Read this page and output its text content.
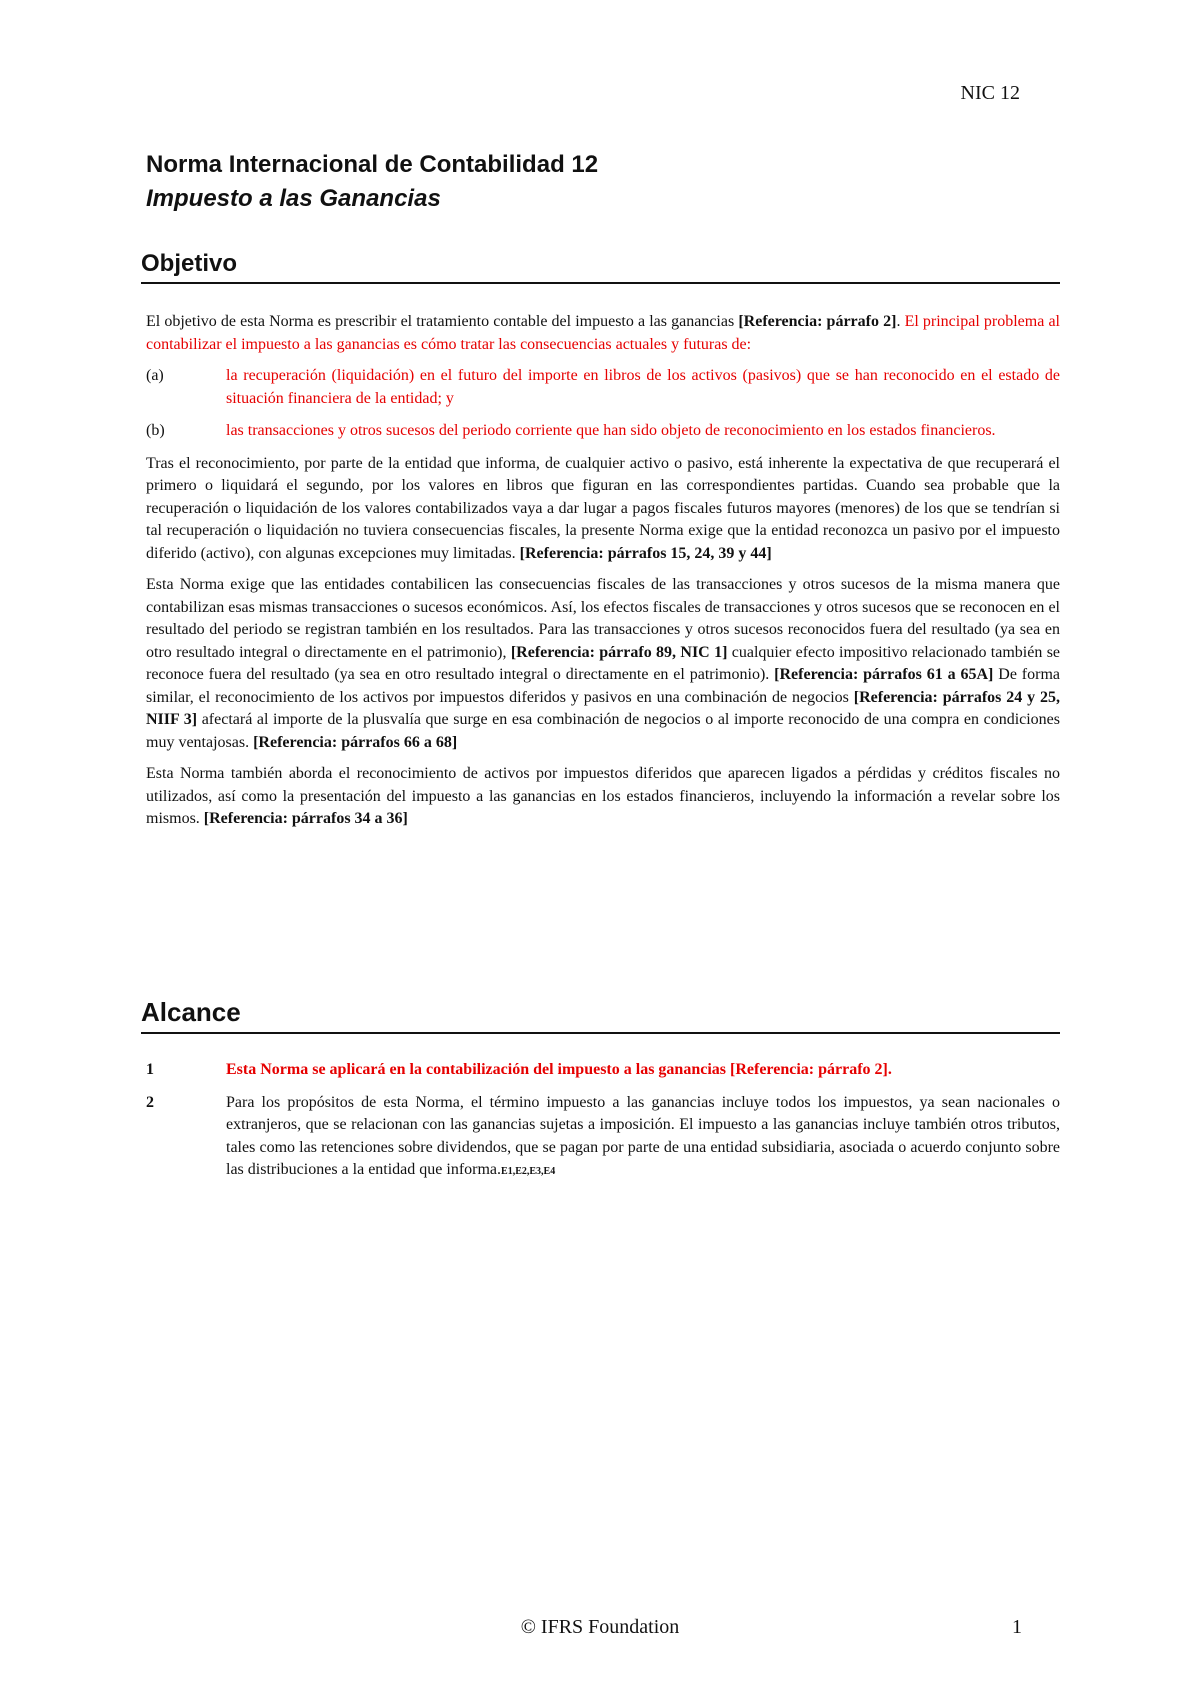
NIC 12
Norma Internacional de Contabilidad 12
Impuesto a las Ganancias
Objetivo

El objetivo de esta Norma es prescribir el tratamiento contable del impuesto a las ganancias [Referencia: párrafo 2]. El principal problema al contabilizar el impuesto a las ganancias es cómo tratar las consecuencias actuales y futuras de:

(a)	la recuperación (liquidación) en el futuro del importe en libros de los activos (pasivos) que se han reconocido en el estado de situación financiera de la entidad; y
(b)	las transacciones y otros sucesos del periodo corriente que han sido objeto de reconocimiento en los estados financieros.

Tras el reconocimiento, por parte de la entidad que informa, de cualquier activo o pasivo, está inherente la expectativa de que recuperará el primero o liquidará el segundo, por los valores en libros que figuran en las correspondientes partidas. Cuando sea probable que la recuperación o liquidación de los valores contabilizados vaya a dar lugar a pagos fiscales futuros mayores (menores) de los que se tendrían si tal recuperación o liquidación no tuviera consecuencias fiscales, la presente Norma exige que la entidad reconozca un pasivo por el impuesto diferido (activo), con algunas excepciones muy limitadas. [Referencia: párrafos 15, 24, 39 y 44]

Esta Norma exige que las entidades contabilicen las consecuencias fiscales de las transacciones y otros sucesos de la misma manera que contabilizan esas mismas transacciones o sucesos económicos. Así, los efectos fiscales de transacciones y otros sucesos que se reconocen en el resultado del periodo se registran también en los resultados. Para las transacciones y otros sucesos reconocidos fuera del resultado (ya sea en otro resultado integral o directamente en el patrimonio), [Referencia: párrafo 89, NIC 1] cualquier efecto impositivo relacionado también se reconoce fuera del resultado (ya sea en otro resultado integral o directamente en el patrimonio). [Referencia: párrafos 61 a 65A] De forma similar, el reconocimiento de los activos por impuestos diferidos y pasivos en una combinación de negocios [Referencia: párrafos 24 y 25, NIIF 3] afectará al importe de la plusvalía que surge en esa combinación de negocios o al importe reconocido de una compra en condiciones muy ventajosas. [Referencia: párrafos 66 a 68]

Esta Norma también aborda el reconocimiento de activos por impuestos diferidos que aparecen ligados a pérdidas y créditos fiscales no utilizados, así como la presentación del impuesto a las ganancias en los estados financieros, incluyendo la información a revelar sobre los mismos. [Referencia: párrafos 34 a 36]

Alcance
1	Esta Norma se aplicará en la contabilización del impuesto a las ganancias [Referencia: párrafo 2].
2	Para los propósitos de esta Norma, el término impuesto a las ganancias incluye todos los impuestos, ya sean nacionales o extranjeros, que se relacionan con las ganancias sujetas a imposición. El impuesto a las ganancias incluye también otros tributos, tales como las retenciones sobre dividendos, que se pagan por parte de una entidad subsidiaria, asociada o acuerdo conjunto sobre las distribuciones a la entidad que informa.E1,E2,E3,E4
© IFRS Foundation	1
